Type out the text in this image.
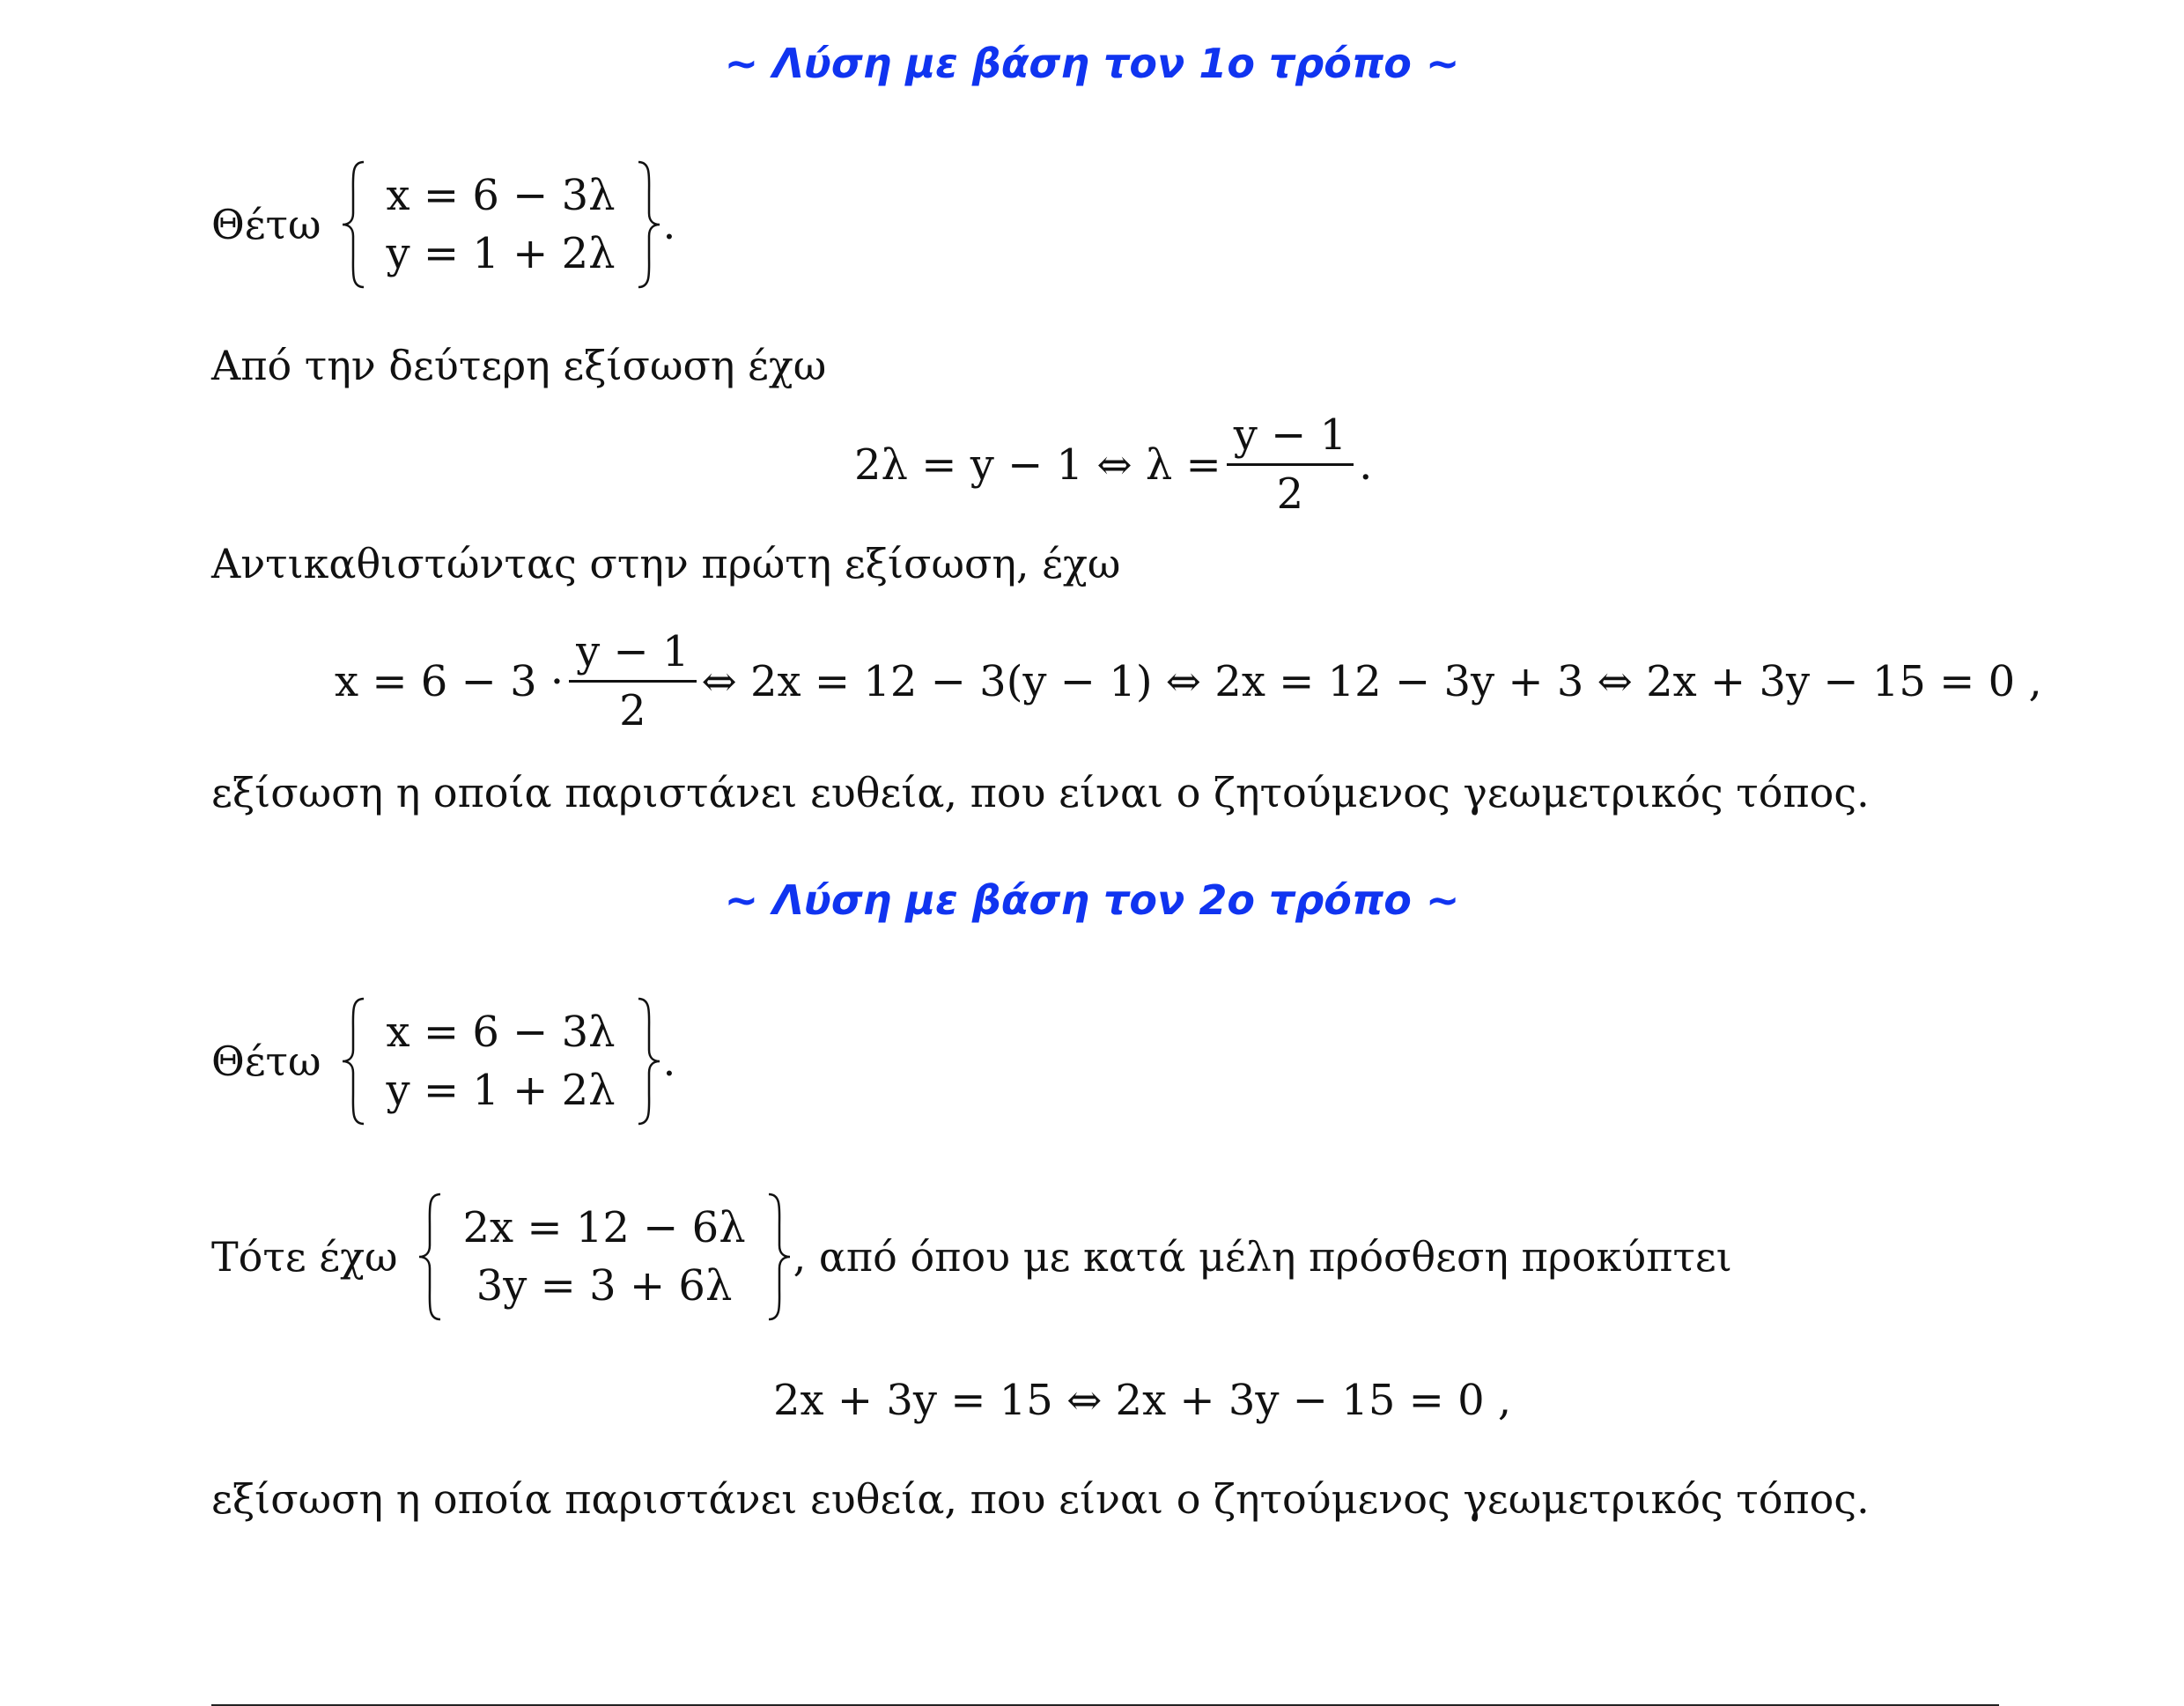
~ Λύση με βάση τον 1ο τρόπο ~
Θέτω
x = 6 − 3λ
y = 1 + 2λ
.
Από την δεύτερη εξίσωση έχω
2λ = y − 1 ⇔ $\lambda = \frac{y - 1}{2}$ .
Αντικαθιστώντας στην πρώτη εξίσωση, έχω
$x = 6 - 3 \cdot \frac{y - 1}{2}$ ⇔ 2x = 12 − 3(y − 1) ⇔ 2x = 12 − 3y + 3 ⇔ 2x + 3y − 15 = 0 ,
εξίσωση η οποία παριστάνει ευθεία, που είναι ο ζητούμενος γεωμετρικός τόπος.
~ Λύση με βάση τον 2ο τρόπο ~
Θέτω
x = 6 − 3λ
y = 1 + 2λ
.
Τότε έχω
2x = 12 − 6λ
3y = 3 + 6λ
, από όπου με κατά μέλη πρόσθεση προκύπτει
2x + 3y = 15 ⇔ 2x + 3y − 15 = 0 ,
εξίσωση η οποία παριστάνει ευθεία, που είναι ο ζητούμενος γεωμετρικός τόπος.
